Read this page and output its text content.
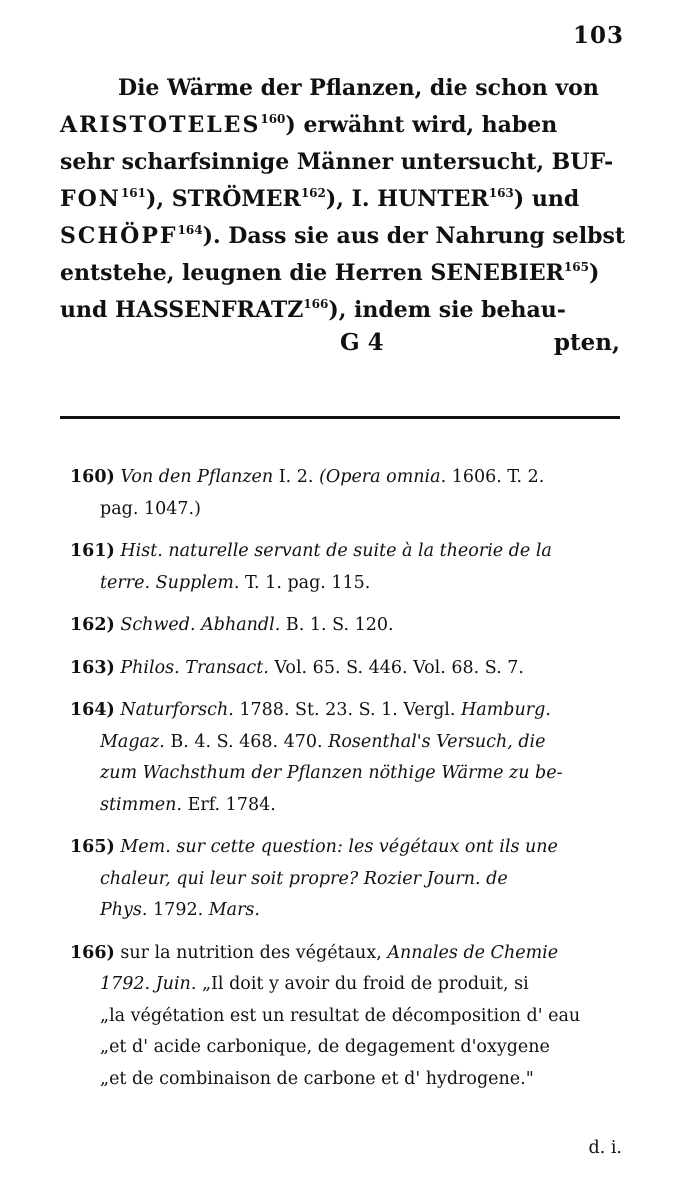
103
Die Wärme der Pflanzen, die schon von
ARISTOTELES$^{160}$) erwähnt wird, haben
sehr scharfsinnige Männer untersucht, BUF-
FON$^{161}$), STRÖMER$^{162}$), I. HUNTER$^{163}$) und
SCHÖPF$^{164}$). Dass sie aus der Nahrung selbst
entstehe, leugnen die Herren SENEBIER$^{165}$)
und HASSENFRATZ$^{166}$), indem sie behau-
G 4	pten,
160) Von den Pflanzen I. 2. (Opera omnia. 1606. T. 2.
pag. 1047.)
161) Hist. naturelle servant de suite à la theorie de la
terre. Supplem. T. 1. pag. 115.
162) Schwed. Abhandl. B. 1. S. 120.
163) Philos. Transact. Vol. 65. S. 446. Vol. 68. S. 7.
164) Naturforsch. 1788. St. 23. S. 1. Vergl. Hamburg.
Magaz. B. 4. S. 468. 470. Rosenthal's Versuch, die
zum Wachsthum der Pflanzen nöthige Wärme zu be-
stimmen. Erf. 1784.
165) Mem. sur cette question: les végétaux ont ils une
chaleur, qui leur soit propre? Rozier Journ. de
Phys. 1792. Mars.
166) sur la nutrition des végétaux, Annales de Chemie
1792. Juin. „Il doit y avoir du froid de produit, si
„la végétation est un resultat de décomposition d' eau
„et d' acide carbonique, de degagement d'oxygene
„et de combinaison de carbone et d' hydrogene."
d. i.
